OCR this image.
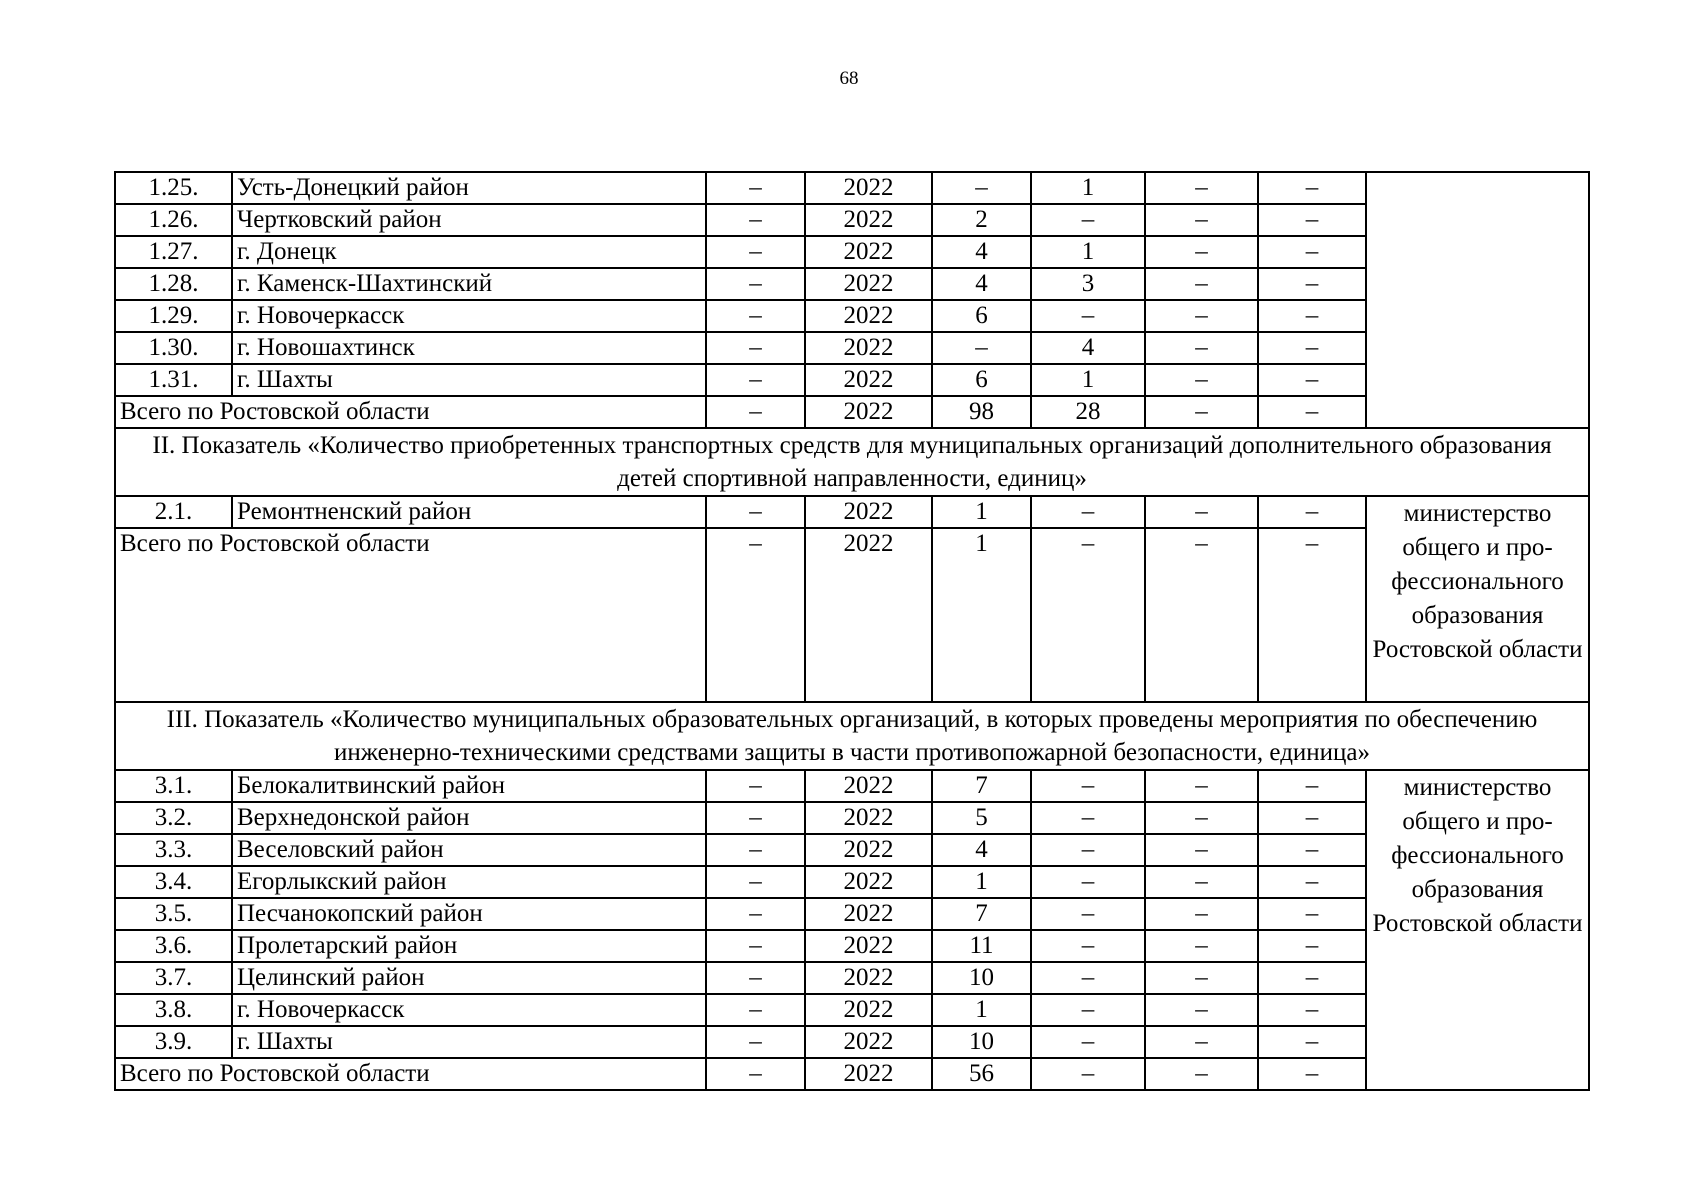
68
1.25.	Усть-Донецкий район	–	2022	–	1	–	–	
1.26.	Чертковский район	–	2022	2	–	–	–	
1.27.	г. Донецк	–	2022	4	1	–	–	
1.28.	г. Каменск-Шахтинский	–	2022	4	3	–	–	
1.29.	г. Новочеркасск	–	2022	6	–	–	–	
1.30.	г. Новошахтинск	–	2022	–	4	–	–	
1.31.	г. Шахты	–	2022	6	1	–	–	
Всего по Ростовской области		–	2022	98	28	–	–	
II. Показатель «Количество приобретенных транспортных средств для муниципальных организаций дополнительного образования детей спортивной направленности, единиц»								
2.1.	Ремонтненский район	–	2022	1	–	–	–	министерство общего и про-фессионального образования Ростовской области
Всего по Ростовской области		–	2022	1	–	–	–	
III. Показатель «Количество муниципальных образовательных организаций, в которых проведены мероприятия по обеспечению инженерно-техническими средствами защиты в части противопожарной безопасности, единица»								
3.1.	Белокалитвинский район	–	2022	7	–	–	–	министерство общего и про-фессионального образования Ростовской области
3.2.	Верхнедонской район	–	2022	5	–	–	–	
3.3.	Веселовский район	–	2022	4	–	–	–	
3.4.	Егорлыкский район	–	2022	1	–	–	–	
3.5.	Песчанокопский район	–	2022	7	–	–	–	
3.6.	Пролетарский район	–	2022	11	–	–	–	
3.7.	Целинский район	–	2022	10	–	–	–	
3.8.	г. Новочеркасск	–	2022	1	–	–	–	
3.9.	г. Шахты	–	2022	10	–	–	–	
Всего по Ростовской области		–	2022	56	–	–	–	
